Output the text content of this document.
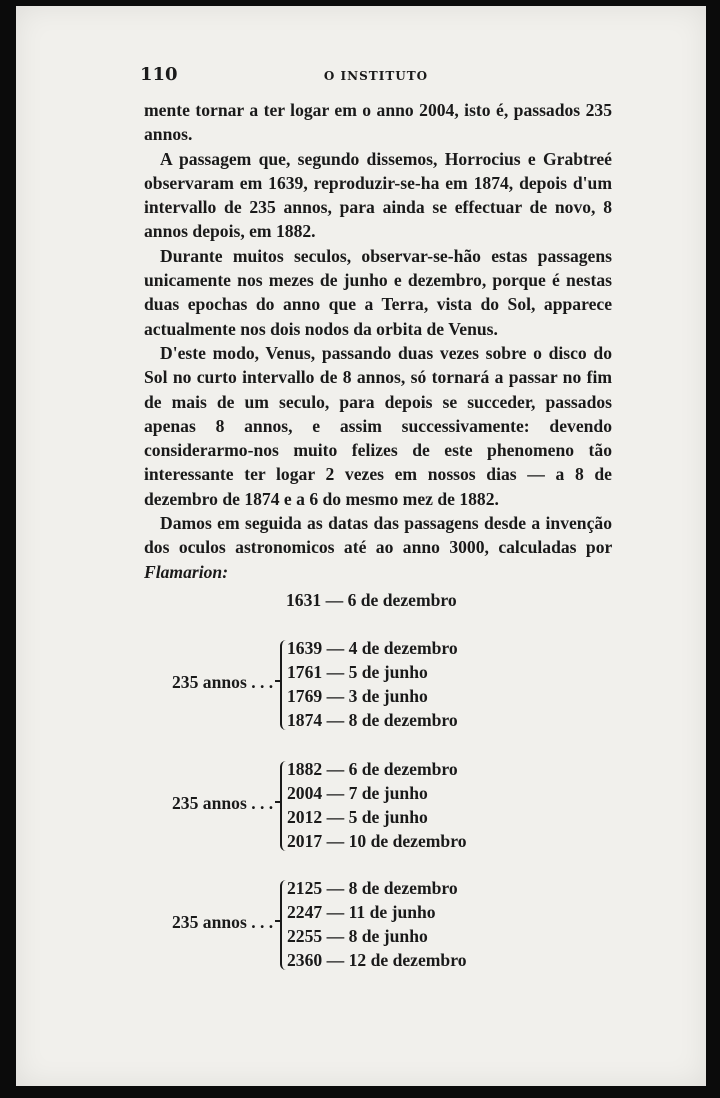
110	O INSTITUTO

mente tornar a ter logar em o anno 2004, isto é, passados 235 annos.

A passagem que, segundo dissemos, Horrocius e Grabtreé observaram em 1639, reproduzir-se-ha em 1874, depois d'um intervallo de 235 annos, para ainda se effectuar de novo, 8 annos depois, em 1882.

Durante muitos seculos, observar-se-hão estas passagens unicamente nos mezes de junho e dezembro, porque é nestas duas epochas do anno que a Terra, vista do Sol, apparece actualmente nos dois nodos da orbita de Venus.

D'este modo, Venus, passando duas vezes sobre o disco do Sol no curto intervallo de 8 annos, só tornará a passar no fim de mais de um seculo, para depois se succeder, passados apenas 8 annos, e assim successivamente: devendo considerarmo-nos muito felizes de este phenomeno tão interessante ter logar 2 vezes em nossos dias — a 8 de dezembro de 1874 e a 6 do mesmo mez de 1882.

Damos em seguida as datas das passagens desde a invenção dos oculos astronomicos até ao anno 3000, calculadas por Flamarion:

1631 — 6 de dezembro
235 annos . . .
1639 — 4 de dezembro
1761 — 5 de junho
1769 — 3 de junho
1874 — 8 de dezembro
235 annos . . .
1882 — 6 de dezembro
2004 — 7 de junho
2012 — 5 de junho
2017 — 10 de dezembro
235 annos . . .
2125 — 8 de dezembro
2247 — 11 de junho
2255 — 8 de junho
2360 — 12 de dezembro
